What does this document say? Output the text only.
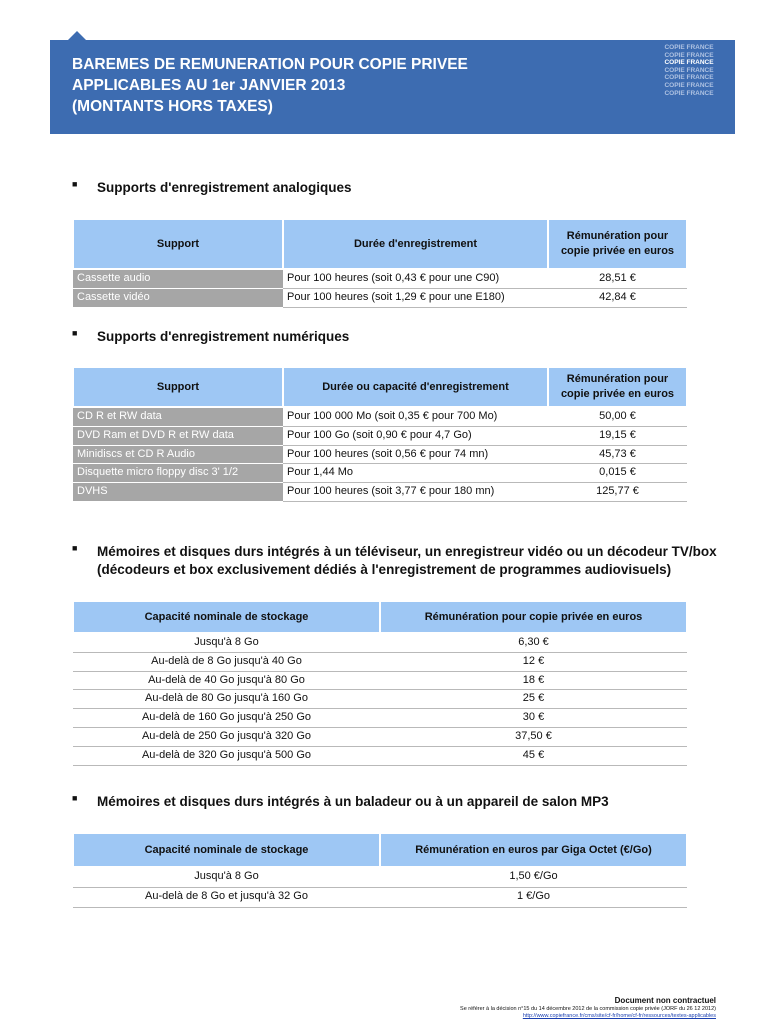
BAREMES DE REMUNERATION POUR COPIE PRIVEE
APPLICABLES AU 1er JANVIER 2013
(MONTANTS HORS TAXES)
COPIE FRANCE
COPIE FRANCE
COPIE FRANCE
COPIE FRANCE
COPIE FRANCE
COPIE FRANCE
COPIE FRANCE
■	Supports d'enregistrement analogiques
Support	Durée d'enregistrement	Rémunération pour copie privée en euros
Cassette audio	Pour 100 heures (soit 0,43 € pour une C90)	28,51 €
Cassette vidéo	Pour 100 heures (soit 1,29 € pour une E180)	42,84 €
■	Supports d'enregistrement numériques
Support	Durée ou capacité d'enregistrement	Rémunération pour copie privée en euros
CD R et RW data	Pour 100 000 Mo (soit 0,35 € pour 700 Mo)	50,00 €
DVD Ram et DVD R et RW data	Pour 100 Go (soit 0,90 € pour 4,7 Go)	19,15 €
Minidiscs et CD R Audio	Pour 100 heures (soit 0,56 € pour 74 mn)	45,73 €
Disquette micro floppy disc 3' 1/2	Pour 1,44 Mo	0,015 €
DVHS	Pour 100 heures (soit 3,77 € pour 180 mn)	125,77 €
■	Mémoires et disques durs intégrés à un téléviseur, un enregistreur vidéo ou un décodeur TV/box (décodeurs et box exclusivement dédiés à l'enregistrement de programmes audiovisuels)
Capacité nominale de stockage	Rémunération pour copie privée en euros
Jusqu'à 8 Go	6,30 €
Au-delà de 8 Go jusqu'à 40 Go	12 €
Au-delà de 40 Go jusqu'à 80 Go	18 €
Au-delà de 80 Go jusqu'à 160 Go	25 €
Au-delà de 160 Go jusqu'à 250 Go	30 €
Au-delà de 250 Go jusqu'à 320 Go	37,50 €
Au-delà de 320 Go jusqu'à 500 Go	45 €
■	Mémoires et disques durs intégrés à un baladeur ou à un appareil de salon MP3
Capacité nominale de stockage	Rémunération en euros par Giga Octet (€/Go)
Jusqu'à 8 Go	1,50 €/Go
Au-delà de 8 Go et jusqu'à 32 Go	1 €/Go
Document non contractuel
Se référer à la décision n°15 du 14 décembre 2012 de la commission copie privée (JORF du 26 12 2012)
http://www.copiefrance.fr/cms/site/cf-fr/home/cf-fr/ressources/textes-applicables
